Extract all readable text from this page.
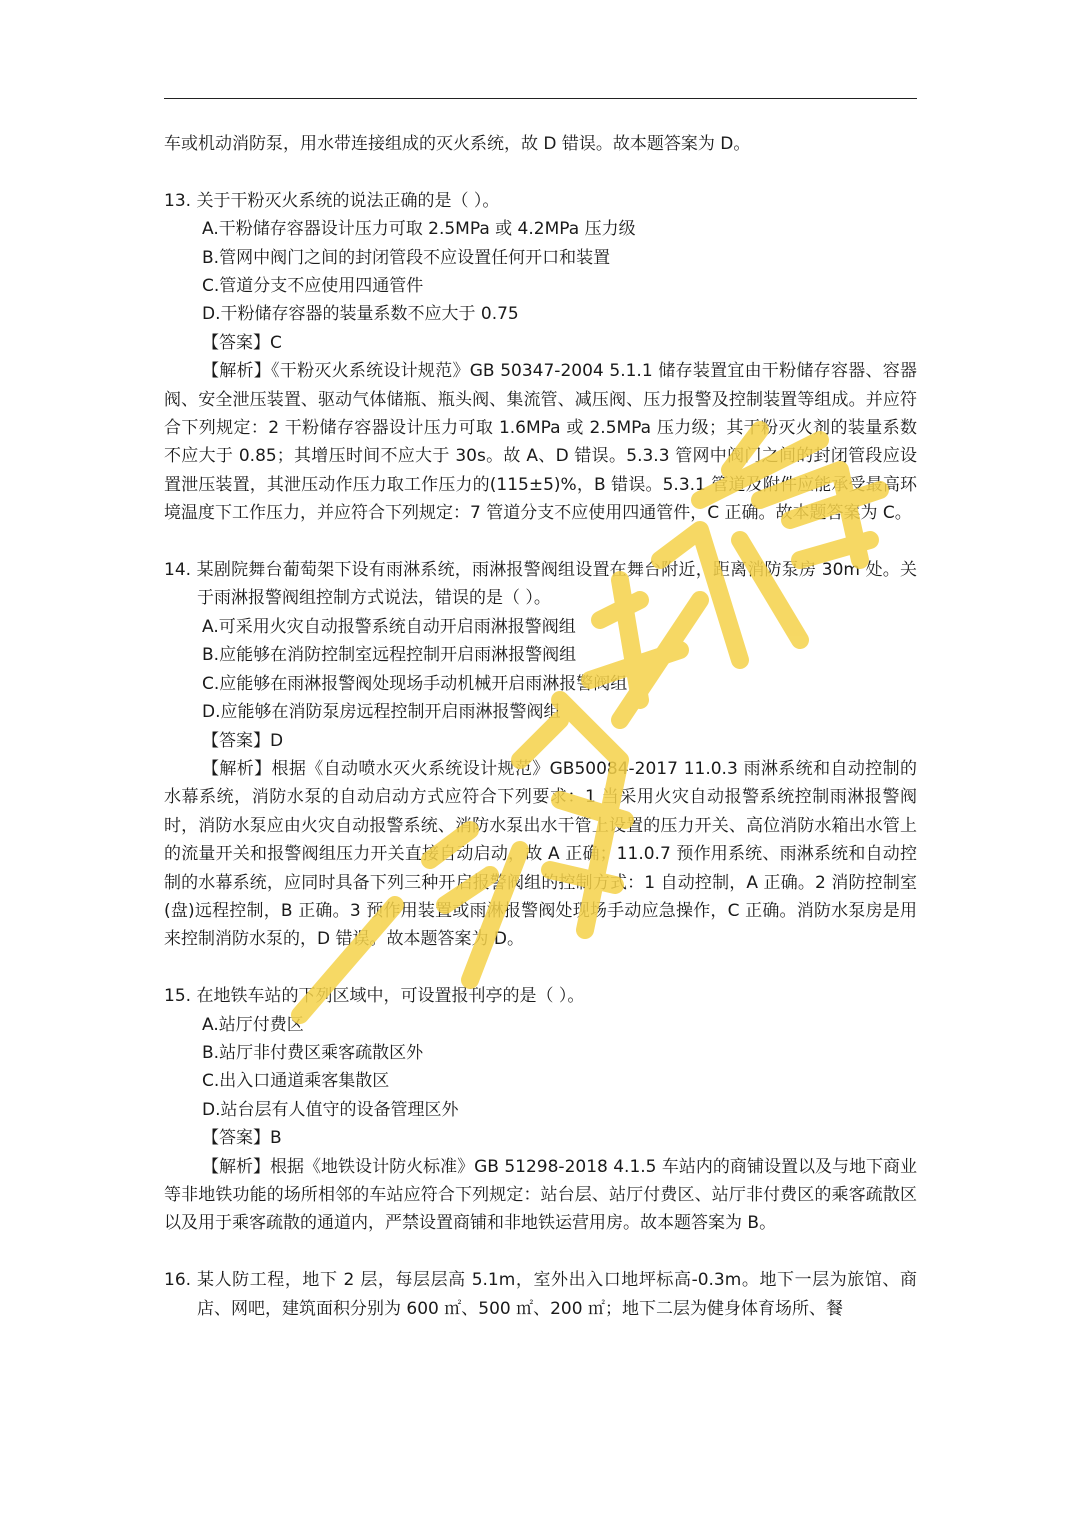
车或机动消防泵，用水带连接组成的灭火系统，故 D 错误。故本题答案为 D。
13. 关于干粉灭火系统的说法正确的是（ ）。
A.干粉储存容器设计压力可取 2.5MPa 或 4.2MPa 压力级
B.管网中阀门之间的封闭管段不应设置任何开口和装置
C.管道分支不应使用四通管件
D.干粉储存容器的装量系数不应大于 0.75
【答案】C
【解析】《干粉灭火系统设计规范》GB 50347-2004 5.1.1 储存装置宜由干粉储存容器、容器阀、安全泄压装置、驱动气体储瓶、瓶头阀、集流管、减压阀、压力报警及控制装置等组成。并应符合下列规定：2 干粉储存容器设计压力可取 1.6MPa 或 2.5MPa 压力级；其干粉灭火剂的装量系数不应大于 0.85；其增压时间不应大于 30s。故 A、D 错误。5.3.3 管网中阀门之间的封闭管段应设置泄压装置，其泄压动作压力取工作压力的(115±5)%，B 错误。5.3.1 管道及附件应能承受最高环境温度下工作压力，并应符合下列规定：7 管道分支不应使用四通管件，C 正确。故本题答案为 C。
14. 某剧院舞台葡萄架下设有雨淋系统，雨淋报警阀组设置在舞台附近，距离消防泵房 30m 处。关于雨淋报警阀组控制方式说法，错误的是（ ）。
A.可采用火灾自动报警系统自动开启雨淋报警阀组
B.应能够在消防控制室远程控制开启雨淋报警阀组
C.应能够在雨淋报警阀处现场手动机械开启雨淋报警阀组
D.应能够在消防泵房远程控制开启雨淋报警阀组
【答案】D
【解析】根据《自动喷水灭火系统设计规范》GB50084-2017 11.0.3 雨淋系统和自动控制的水幕系统，消防水泵的自动启动方式应符合下列要求：1 当采用火灾自动报警系统控制雨淋报警阀时，消防水泵应由火灾自动报警系统、消防水泵出水干管上设置的压力开关、高位消防水箱出水管上的流量开关和报警阀组压力开关直接自动启动，故 A 正确；11.0.7 预作用系统、雨淋系统和自动控制的水幕系统，应同时具备下列三种开启报警阀组的控制方式：1 自动控制，A 正确。2 消防控制室(盘)远程控制，B 正确。3 预作用装置或雨淋报警阀处现场手动应急操作，C 正确。消防水泵房是用来控制消防水泵的，D 错误。故本题答案为 D。
15. 在地铁车站的下列区域中，可设置报刊亭的是（ ）。
A.站厅付费区
B.站厅非付费区乘客疏散区外
C.出入口通道乘客集散区
D.站台层有人值守的设备管理区外
【答案】B
【解析】根据《地铁设计防火标准》GB 51298-2018 4.1.5 车站内的商铺设置以及与地下商业等非地铁功能的场所相邻的车站应符合下列规定：站台层、站厅付费区、站厅非付费区的乘客疏散区以及用于乘客疏散的通道内，严禁设置商铺和非地铁运营用房。故本题答案为 B。
16. 某人防工程，地下 2 层，每层层高 5.1m，室外出入口地坪标高-0.3m。地下一层为旅馆、商店、网吧，建筑面积分别为 600 ㎡、500 ㎡、200 ㎡；地下二层为健身体育场所、餐
